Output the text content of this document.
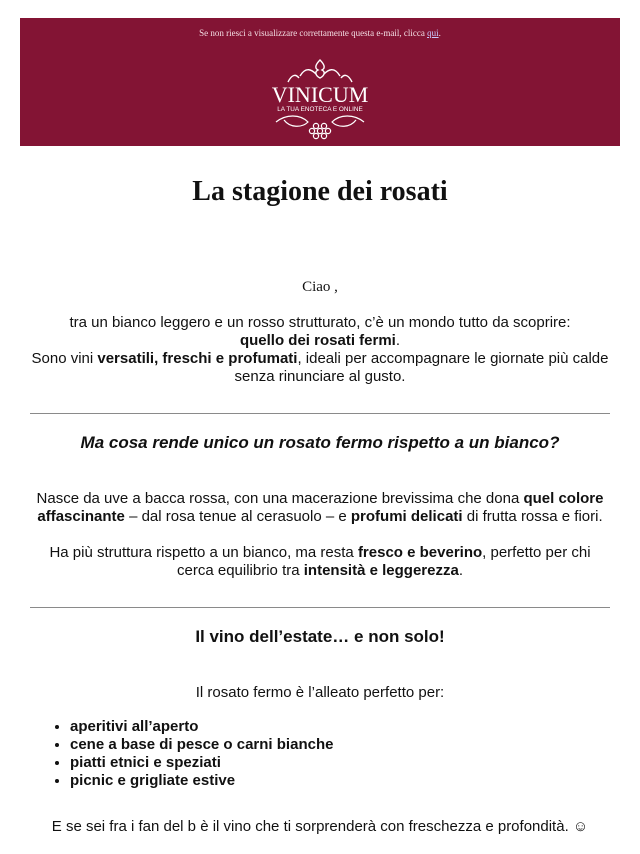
Se non riesci a visualizzare correttamente questa e-mail, clicca qui.
VINICUM
LA TUA ENOTECA E ONLINE
La stagione dei rosati

Ciao ,

tra un bianco leggero e un rosso strutturato, c’è un mondo tutto da scoprire:

quello dei rosati fermi.

Sono vini versatili, freschi e profumati, ideali per accompagnare le giornate più calde senza rinunciare al gusto.

Ma cosa rende unico un rosato fermo rispetto a un bianco?

Nasce da uve a bacca rossa, con una macerazione brevissima che dona quel colore affascinante – dal rosa tenue al cerasuolo – e profumi delicati di frutta rossa e fiori.

Ha più struttura rispetto a un bianco, ma resta fresco e beverino, perfetto per chi cerca equilibrio tra intensità e leggerezza.

Il vino dell’estate… e non solo!

Il rosato fermo è l’alleato perfetto per:

• aperitivi all’aperto
• cene a base di pesce o carni bianche
• piatti etnici e speziati
• picnic e grigliate estive

E se sei fra i fan del b è il vino che ti sorprenderà con freschezza e profondità. ☺
